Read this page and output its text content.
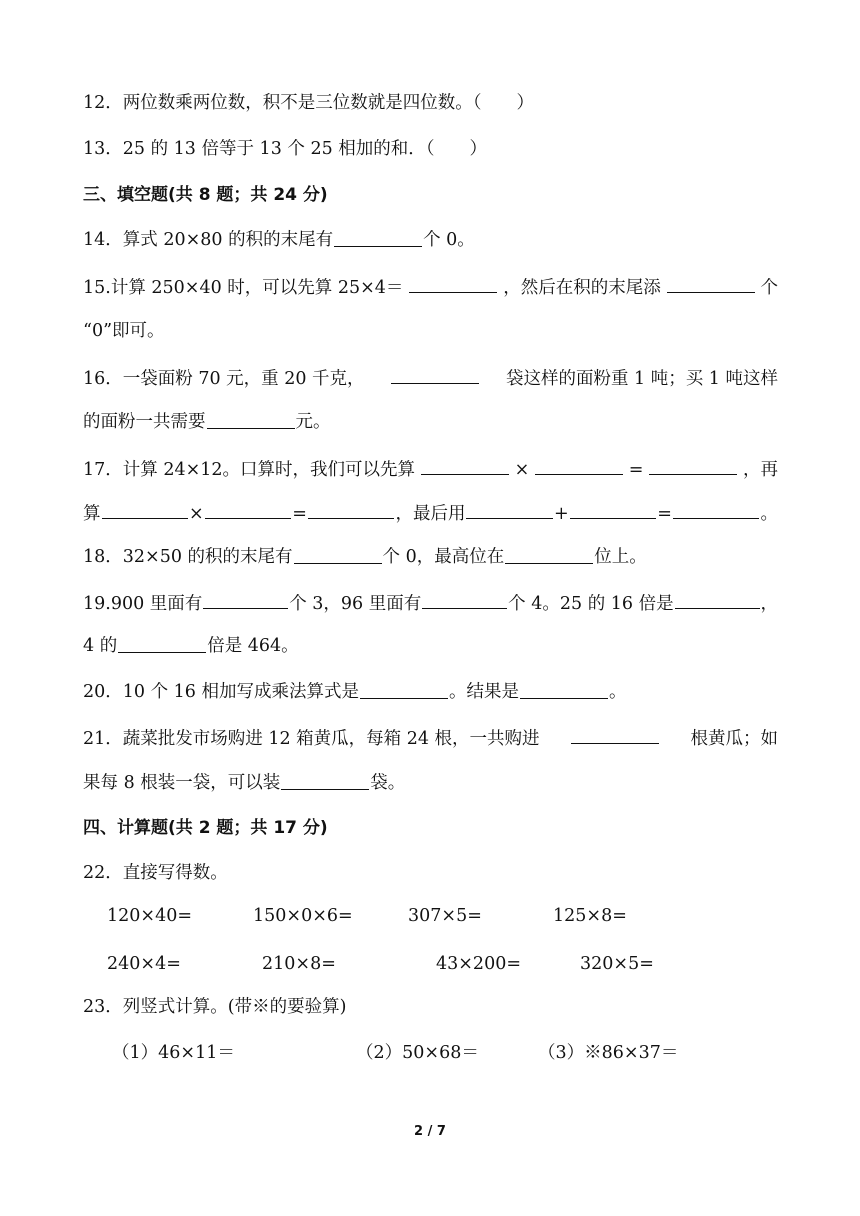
12．两位数乘两位数，积不是三位数就是四位数。（　　）
13．25 的 13 倍等于 13 个 25 相加的和．（　　）
三、填空题(共 8 题；共 24 分)
14．算式 20×80 的积的末尾有	个 0。
15.计算 250×40 时，可以先算 25×4＝	，然后在积的末尾添	个
“0”即可。
16．一袋面粉 70 元，重 20 千克，	袋这样的面粉重 1 吨；买 1 吨这样
的面粉一共需要	元。
17．计算 24×12。口算时，我们可以先算	×	=	，再
算	×	=	，最后用	+	=	。
18．32×50 的积的末尾有	个 0，最高位在	位上。
19.900 里面有	个 3，96 里面有	个 4。25 的 16 倍是	，
4 的	倍是 464。
20．10 个 16 相加写成乘法算式是	。结果是	。
21．蔬菜批发市场购进 12 箱黄瓜，每箱 24 根，一共购进	根黄瓜；如
果每 8 根装一袋，可以装	袋。
四、计算题(共 2 题；共 17 分)
22．直接写得数。
120×40=	150×0×6=	307×5=	125×8=
240×4=	210×8=	43×200=	320×5=
23．列竖式计算。(带※的要验算)
（1）46×11＝	（2）50×68＝	（3）※86×37＝
2 / 7
